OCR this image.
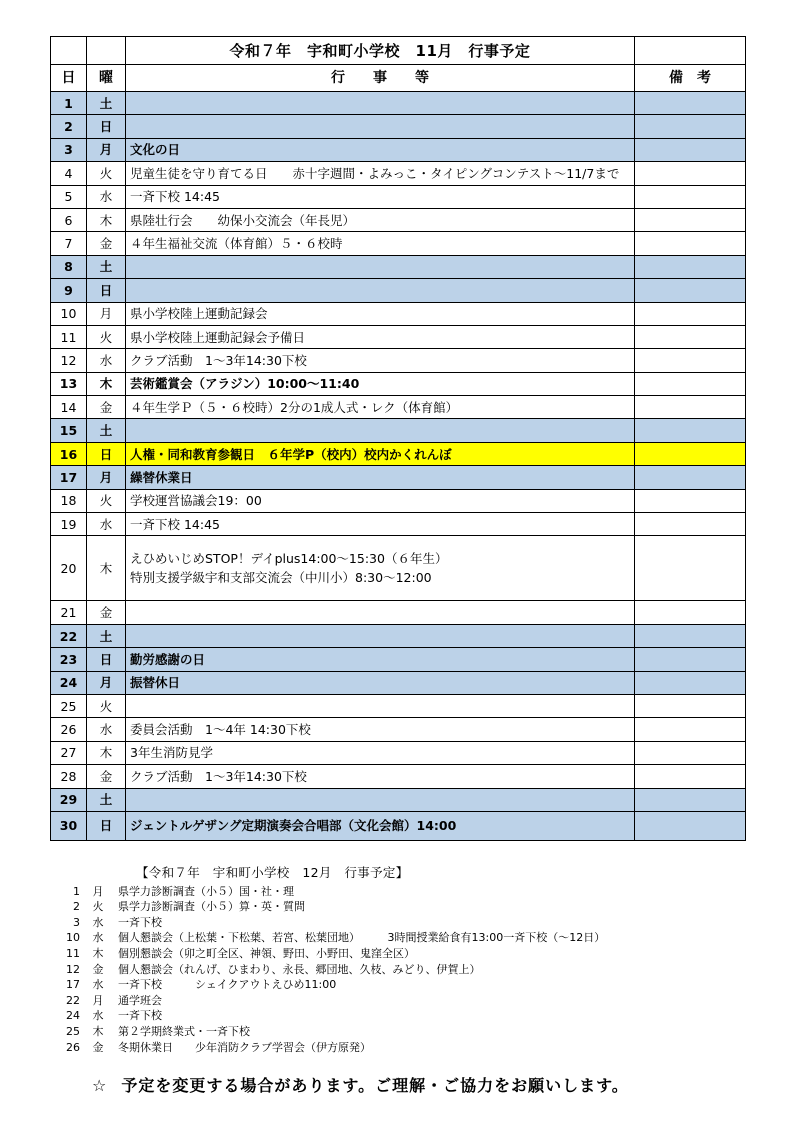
		令和７年　宇和町小学校　11月　行事予定	
日	曜	行　　事　　等	備　考
1	土		
2	日		
3	月	文化の日	
4	火	児童生徒を守り育てる日　　赤十字週間・よみっこ・タイピングコンテスト～11/7まで	
5	水	一斉下校 14:45	
6	木	県陸壮行会　　幼保小交流会（年長児）	
7	金	４年生福祉交流（体育館）５・６校時	
8	土		
9	日		
10	月	県小学校陸上運動記録会	
11	火	県小学校陸上運動記録会予備日	
12	水	クラブ活動　1～3年14:30下校	
13	木	芸術鑑賞会（アラジン）10:00～11:40	
14	金	４年生学Ｐ（５・６校時）2分の1成人式・レク（体育館）	
15	土		
16	日	人権・同和教育参観日　６年学P（校内）校内かくれんぼ	
17	月	繰替休業日	
18	火	学校運営協議会19：00	
19	水	一斉下校 14:45	
20	木	えひめいじめSTOP！デイplus14:00～15:30（６年生）
特別支援学級宇和支部交流会（中川小）8:30～12:00	

21	金		
22	土		
23	日	勤労感謝の日	
24	月	振替休日	
25	火		
26	水	委員会活動　1～4年 14:30下校	
27	木	3年生消防見学	
28	金	クラブ活動　1～3年14:30下校	
29	土		
30	日	ジェントルゲザング定期演奏会合唱部（文化会館）14:00	
【令和７年　宇和町小学校　12月　行事予定】
1	月	県学力診断調査（小５）国・社・理
2	火	県学力診断調査（小５）算・英・質問
3	水	一斉下校
10	水	個人懇談会（上松葉・下松葉、若宮、松葉団地）　　　3時間授業給食有13:00一斉下校（～12日）
11	木	個別懇談会（卯之町全区、神領、野田、小野田、鬼窪全区）
12	金	個人懇談会（れんげ、ひまわり、永長、郷団地、久枝、みどり、伊賀上）
17	水	一斉下校　　　シェイクアウトえひめ11:00
22	月	通学班会
24	水	一斉下校
25	木	第２学期終業式・一斉下校
26	金	冬期休業日　　少年消防クラブ学習会（伊方原発）
☆ 予定を変更する場合があります。ご理解・ご協力をお願いします。
